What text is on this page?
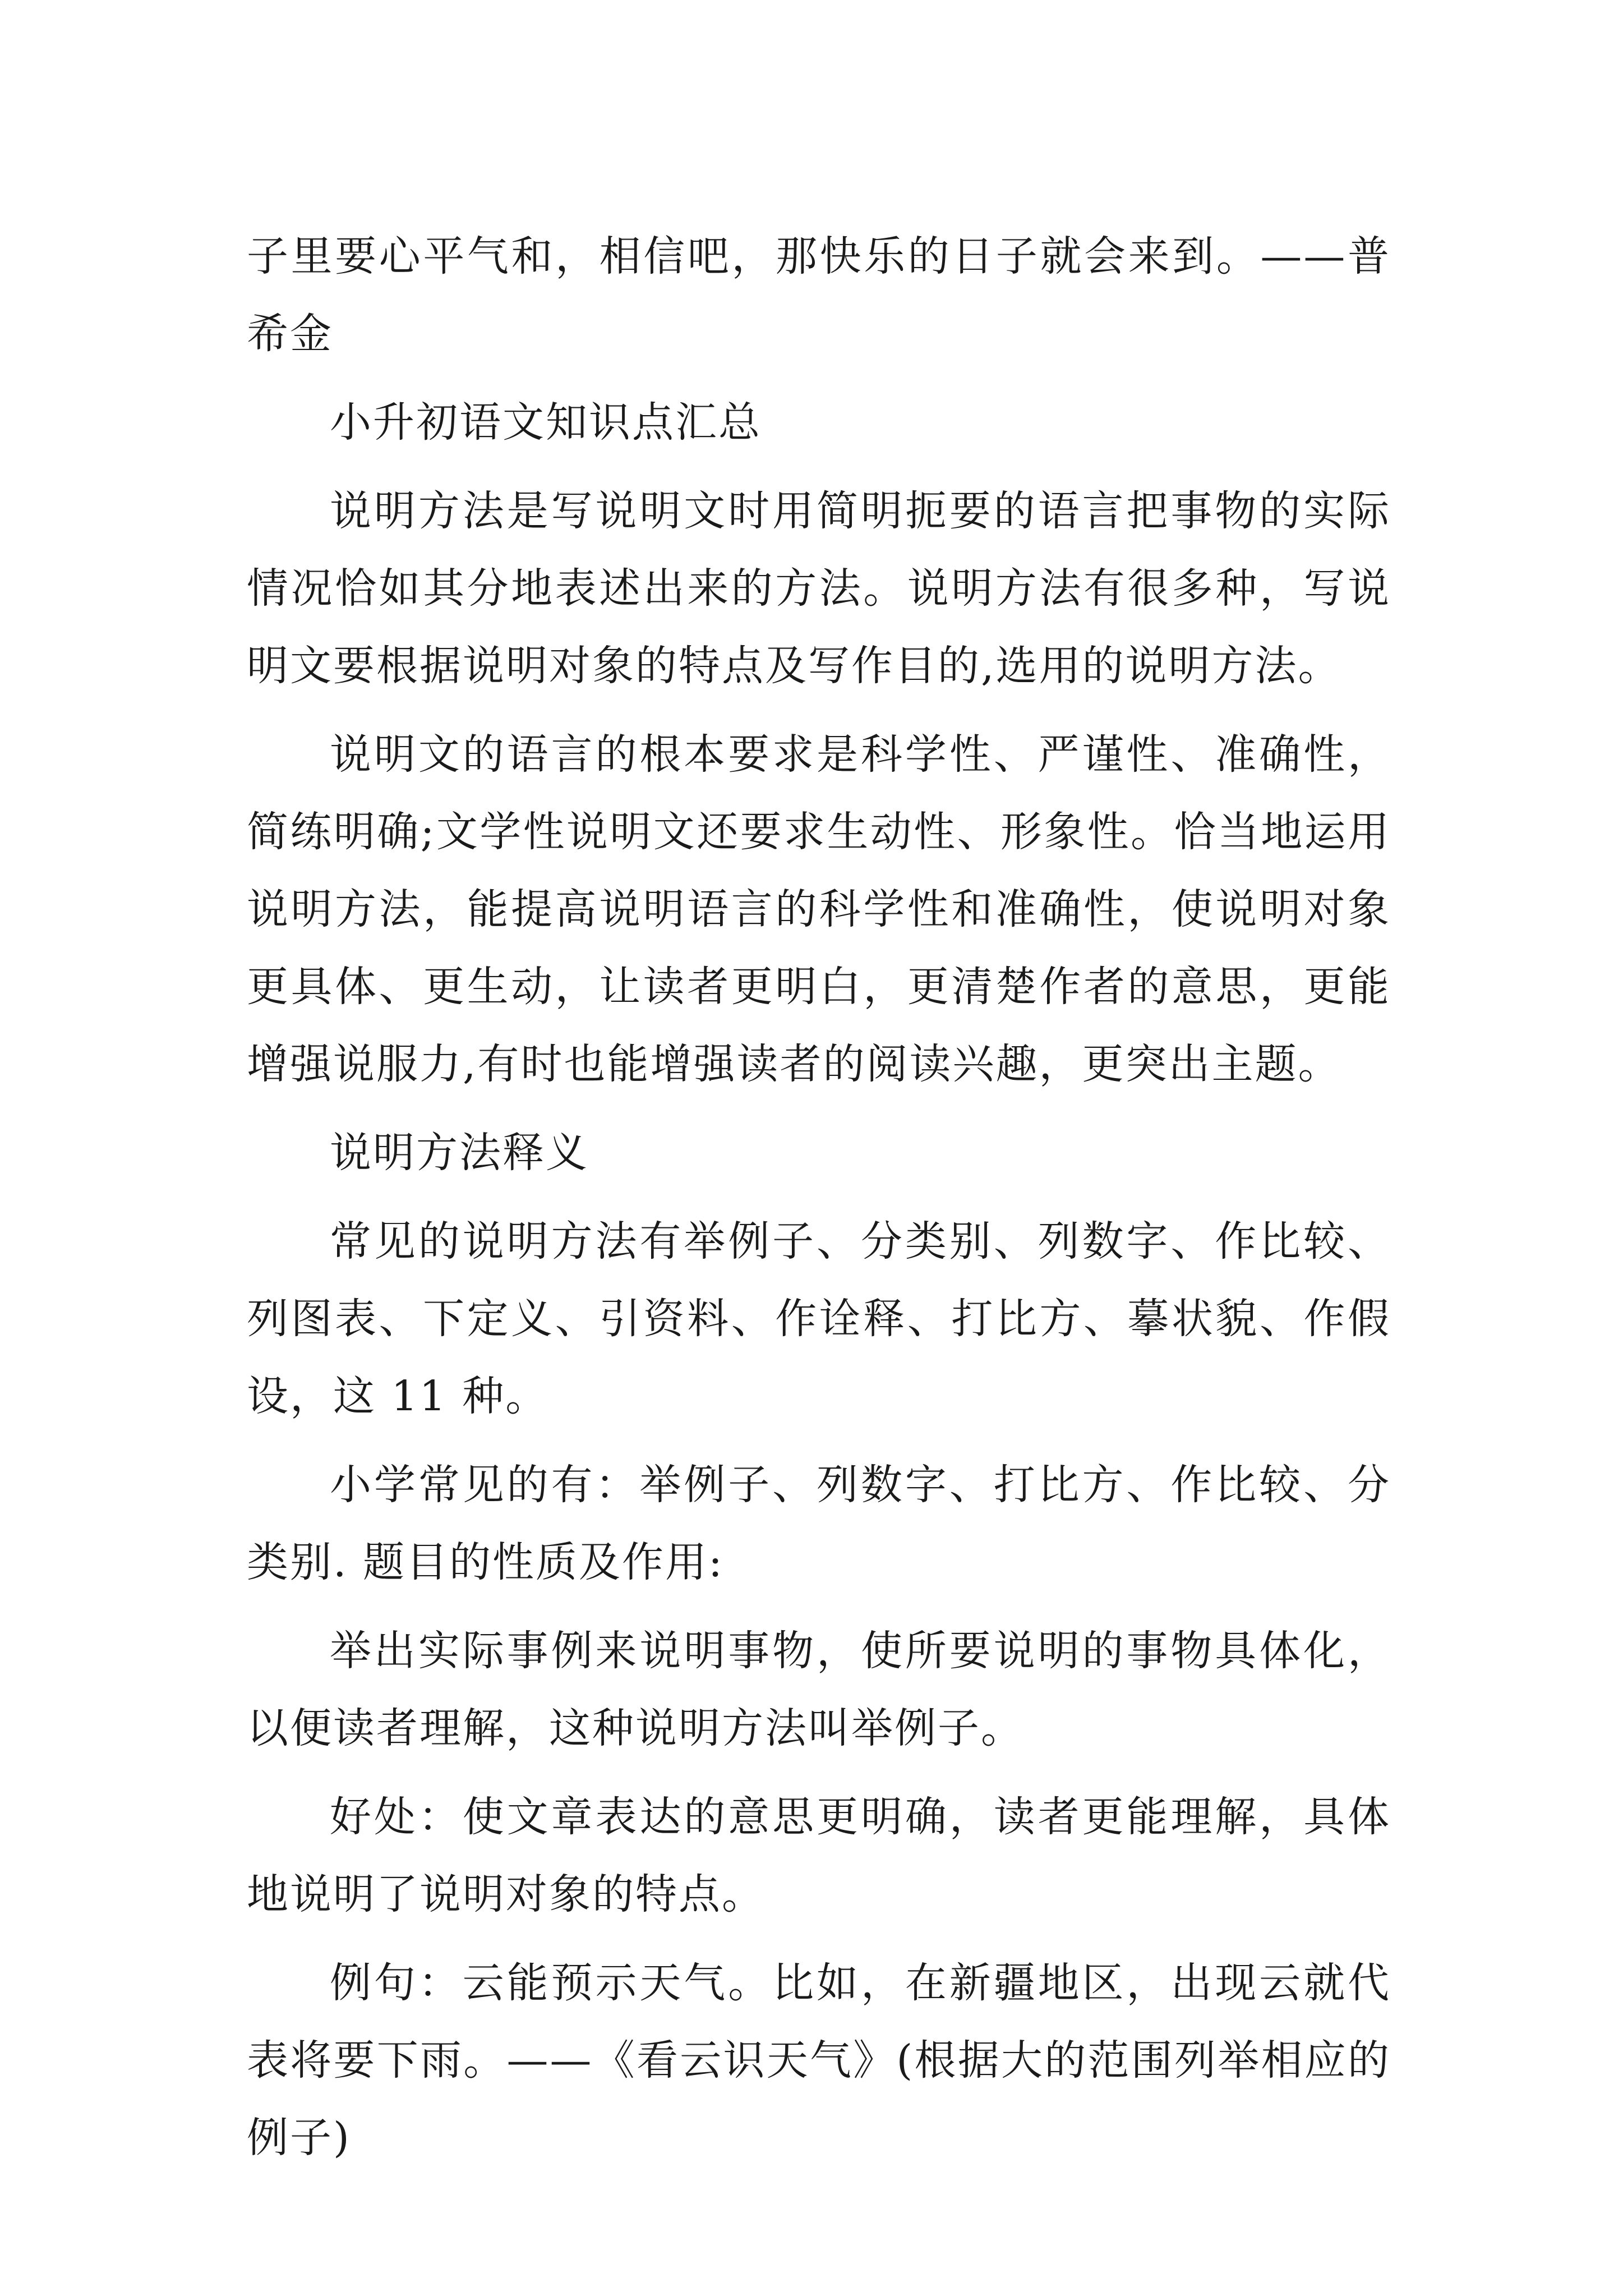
子里要心平气和，相信吧，那快乐的日子就会来到。——普希金

小升初语文知识点汇总

说明方法是写说明文时用简明扼要的语言把事物的实际情况恰如其分地表述出来的方法。说明方法有很多种，写说明文要根据说明对象的特点及写作目的,选用的说明方法。

说明文的语言的根本要求是科学性、严谨性、准确性，简练明确;文学性说明文还要求生动性、形象性。恰当地运用说明方法，能提高说明语言的科学性和准确性，使说明对象更具体、更生动，让读者更明白，更清楚作者的意思，更能增强说服力,有时也能增强读者的阅读兴趣，更突出主题。

说明方法释义

常见的说明方法有举例子、分类别、列数字、作比较、列图表、下定义、引资料、作诠释、打比方、摹状貌、作假设，这 11 种。

小学常见的有：举例子、列数字、打比方、作比较、分类别. 题目的性质及作用:

举出实际事例来说明事物，使所要说明的事物具体化，以便读者理解，这种说明方法叫举例子。

好处：使文章表达的意思更明确，读者更能理解，具体地说明了说明对象的特点。

例句：云能预示天气。比如，在新疆地区，出现云就代表将要下雨。——《看云识天气》(根据大的范围列举相应的例子)
